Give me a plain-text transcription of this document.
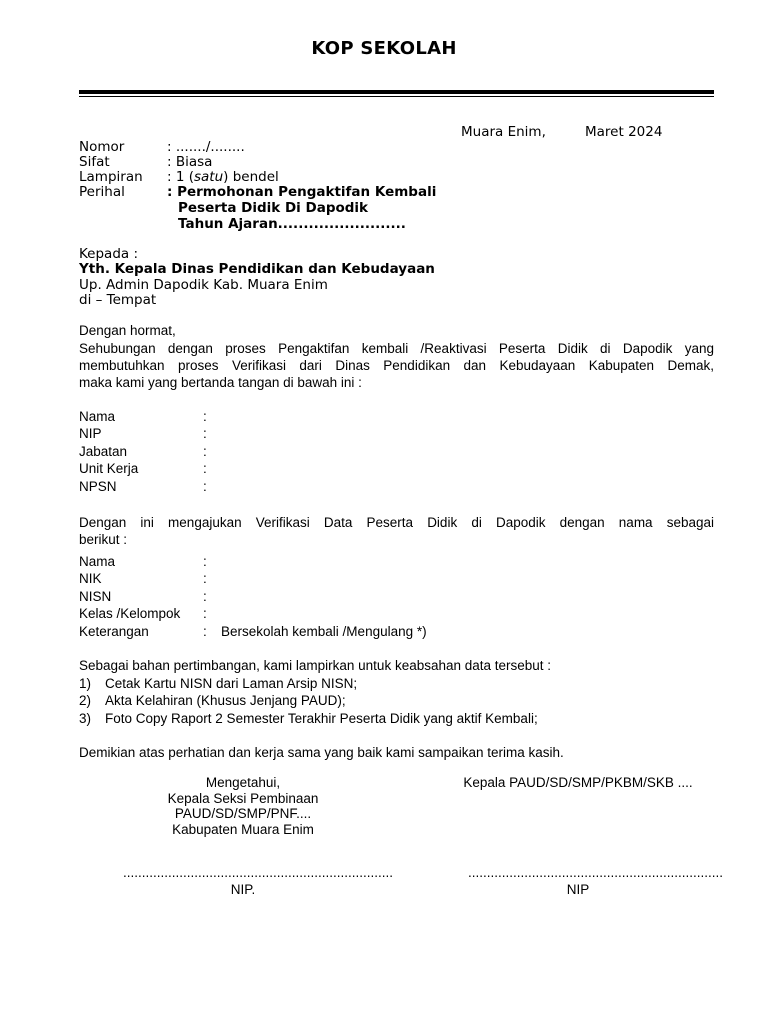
KOP SEKOLAH
Muara Enim,	Maret 2024
Nomor	: ......./........
Sifat	: Biasa
Lampiran : 1 (satu) bendel
Perihal	: Permohonan Pengaktifan Kembali
Peserta Didik Di Dapodik
Tahun Ajaran.........................
Kepada :
Yth. Kepala Dinas Pendidikan dan Kebudayaan
Up. Admin Dapodik Kab. Muara Enim
di – Tempat
Dengan hormat,
Sehubungan dengan proses Pengaktifan kembali /Reaktivasi Peserta Didik di Dapodik yang
membutuhkan proses Verifikasi dari Dinas Pendidikan dan Kebudayaan Kabupaten Demak,
maka kami yang bertanda tangan di bawah ini :
Nama	:
NIP	:
Jabatan	:
Unit Kerja	:
NPSN	:
Dengan ini mengajukan Verifikasi Data Peserta Didik di Dapodik dengan nama sebagai
berikut :
Nama	:
NIK	:
NISN	:
Kelas /Kelompok :
Keterangan	: Bersekolah kembali /Mengulang *)
Sebagai bahan pertimbangan, kami lampirkan untuk keabsahan data tersebut :
1) Cetak Kartu NISN dari Laman Arsip NISN;
2) Akta Kelahiran (Khusus Jenjang PAUD);
3) Foto Copy Raport 2 Semester Terakhir Peserta Didik yang aktif Kembali;
Demikian atas perhatian dan kerja sama yang baik kami sampaikan terima kasih.
Mengetahui,
Kepala Seksi Pembinaan
PAUD/SD/SMP/PNF....
Kabupaten Muara Enim
........................................................................
NIP.
Kepala PAUD/SD/SMP/PKBM/SKB ....
....................................................................
NIP
